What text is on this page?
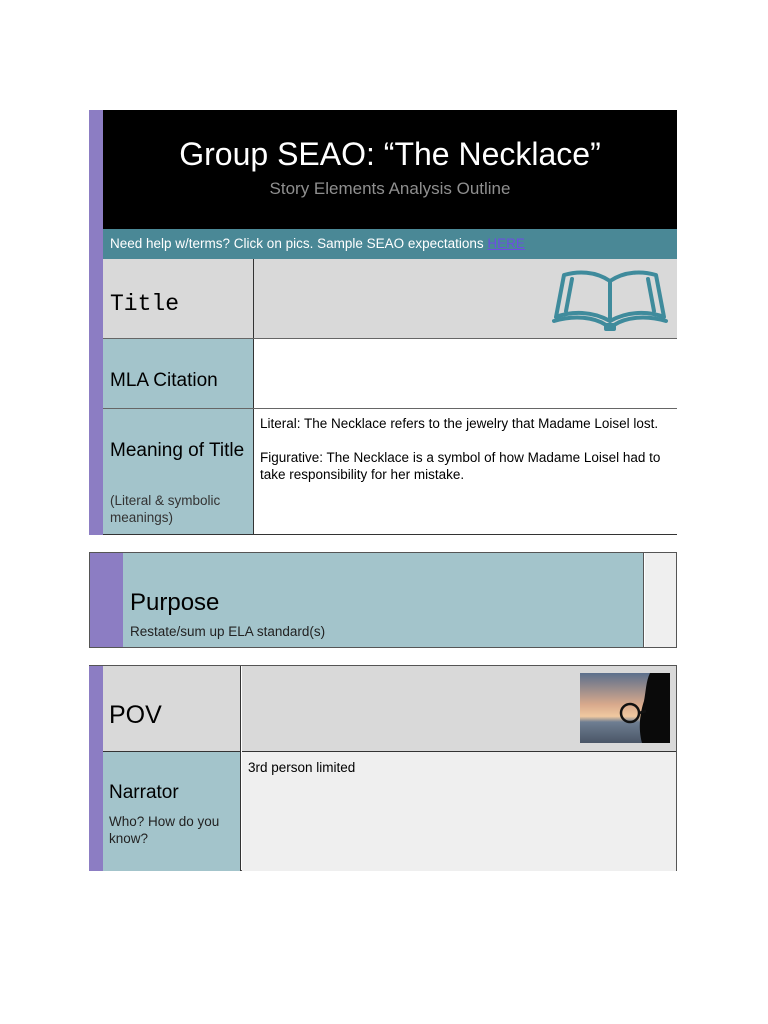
Group SEAO: “The Necklace”
Story Elements Analysis Outline
Need help w/terms? Click on pics. Sample SEAO expectations HERE
Title
MLA Citation
Meaning of Title
(Literal & symbolic meanings)
Literal: The Necklace refers to the jewelry that Madame Loisel lost.
Figurative: The Necklace is a symbol of how Madame Loisel had to take responsibility for her mistake.
Purpose
Restate/sum up ELA standard(s)
POV
Narrator
Who? How do you know?
3rd person limited
